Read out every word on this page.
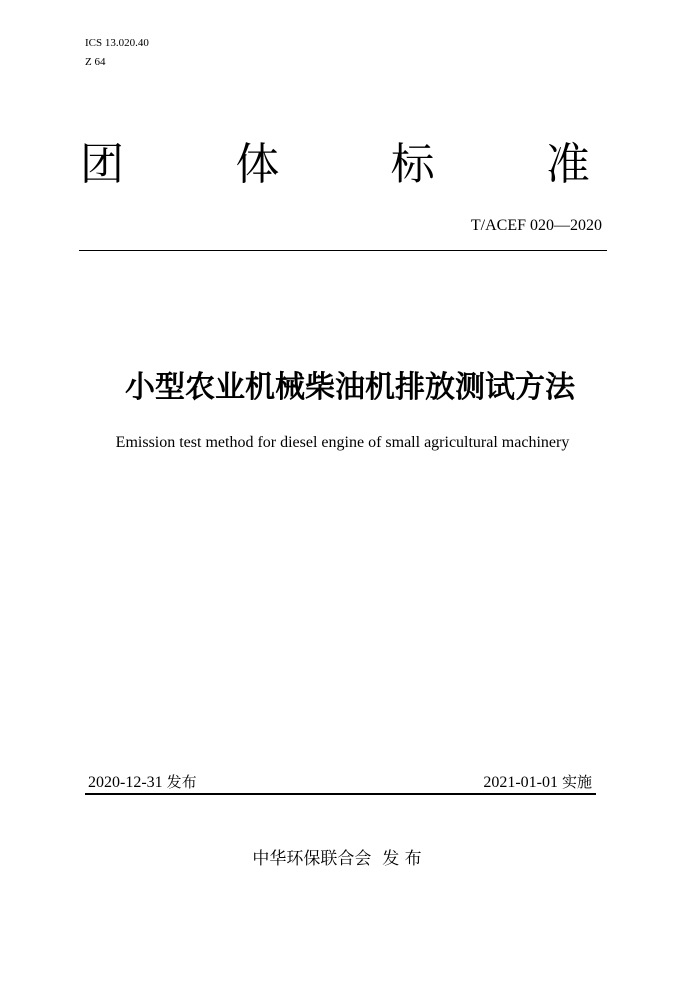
ICS 13.020.40
Z 64
团	体	标	准
T/ACEF 020—2020
小型农业机械柴油机排放测试方法
Emission test method for diesel engine of small agricultural machinery
2020-12-31 发布	2021-01-01 实施
中华环保联合会  发 布
